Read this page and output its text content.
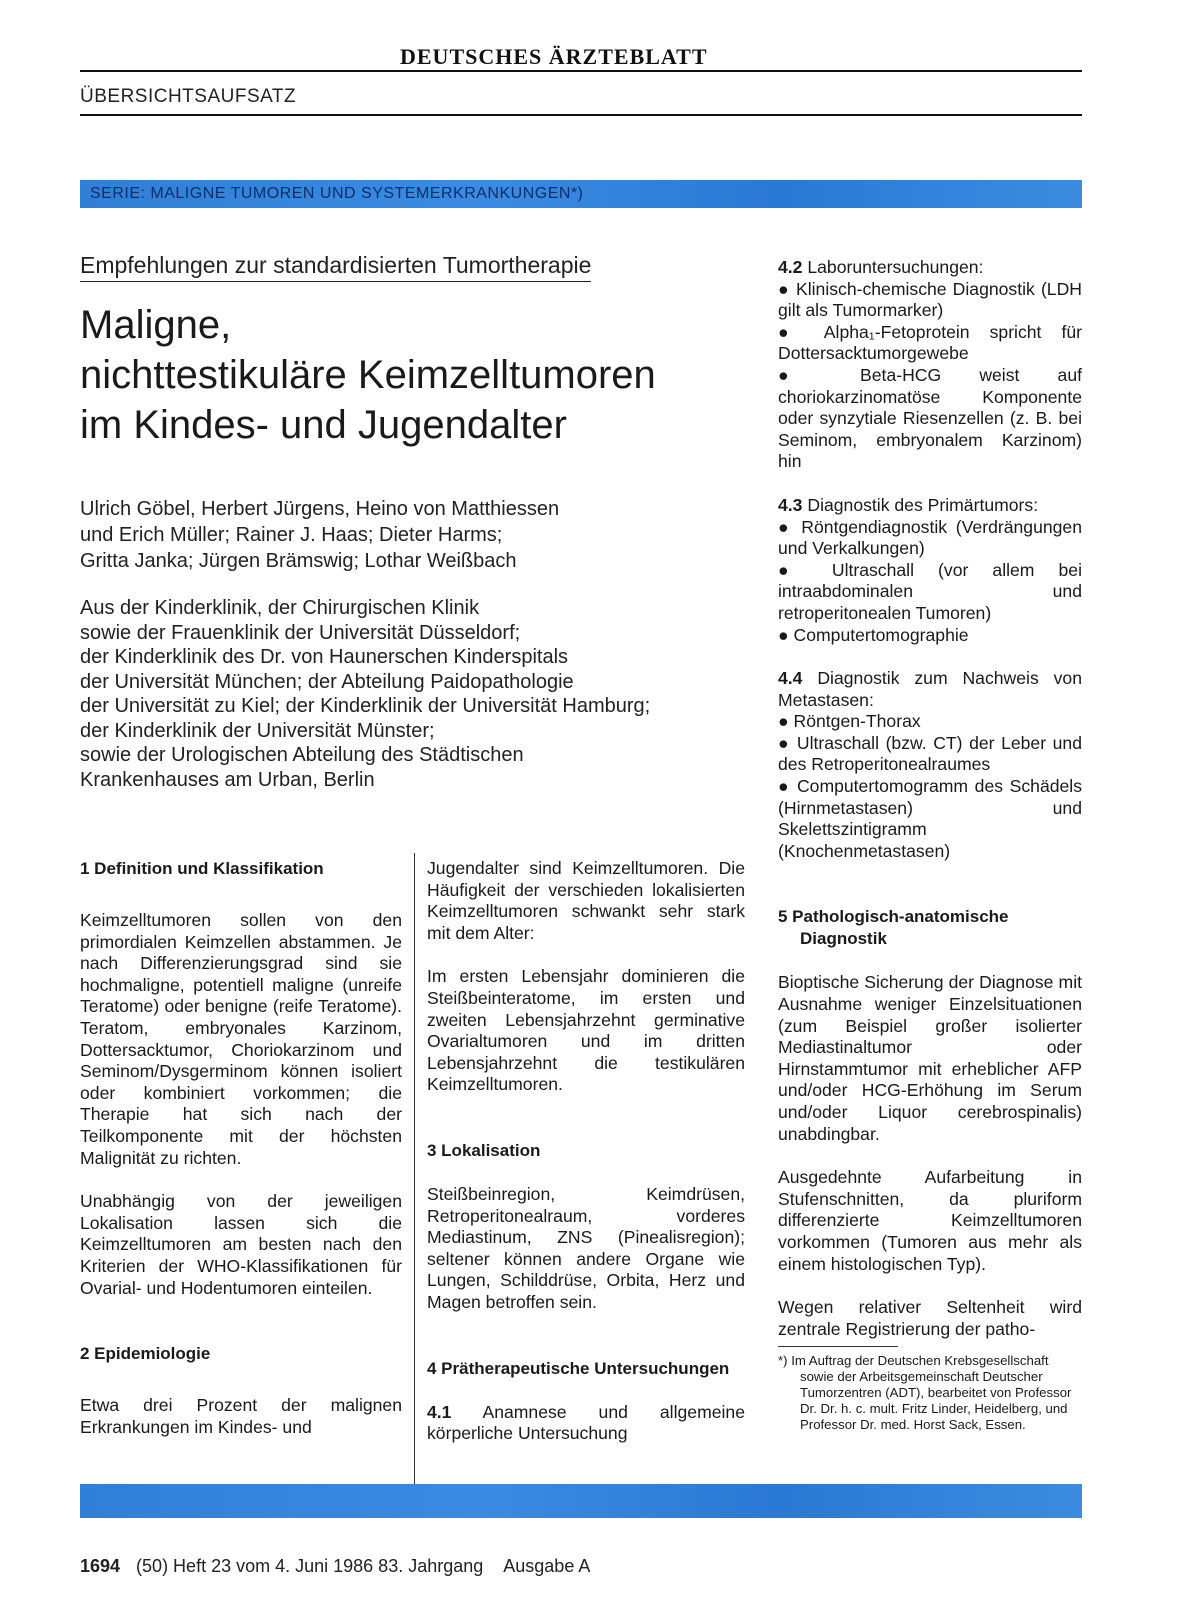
DEUTSCHES ÄRZTEBLATT
ÜBERSICHTSAUFSATZ
SERIE: MALIGNE TUMOREN UND SYSTEMERKRANKUNGEN*)
Empfehlungen zur standardisierten Tumortherapie
Maligne,
nichttestikuläre Keimzelltumoren
im Kindes- und Jugendalter
Ulrich Göbel, Herbert Jürgens, Heino von Matthiessen
und Erich Müller; Rainer J. Haas; Dieter Harms;
Gritta Janka; Jürgen Brämswig; Lothar Weißbach
Aus der Kinderklinik, der Chirurgischen Klinik
sowie der Frauenklinik der Universität Düsseldorf;
der Kinderklinik des Dr. von Haunerschen Kinderspitals
der Universität München; der Abteilung Paidopathologie
der Universität zu Kiel; der Kinderklinik der Universität Hamburg;
der Kinderklinik der Universität Münster;
sowie der Urologischen Abteilung des Städtischen
Krankenhauses am Urban, Berlin
1 Definition und Klassifikation

Keimzelltumoren sollen von den primordialen Keimzellen abstammen. Je nach Differenzierungsgrad sind sie hochmaligne, potentiell maligne (unreife Teratome) oder benigne (reife Teratome). Teratom, embryonales Karzinom, Dottersacktumor, Choriokarzinom und Seminom/Dysgerminom können isoliert oder kombiniert vorkommen; die Therapie hat sich nach der Teilkomponente mit der höchsten Malignität zu richten.

Unabhängig von der jeweiligen Lokalisation lassen sich die Keimzelltumoren am besten nach den Kriterien der WHO-Klassifikationen für Ovarial- und Hodentumoren einteilen.

2 Epidemiologie

Etwa drei Prozent der malignen Erkrankungen im Kindes- und

Jugendalter sind Keimzelltumoren. Die Häufigkeit der verschieden lokalisierten Keimzelltumoren schwankt sehr stark mit dem Alter:

Im ersten Lebensjahr dominieren die Steißbeinteratome, im ersten und zweiten Lebensjahrzehnt germinative Ovarialtumoren und im dritten Lebensjahrzehnt die testikulären Keimzelltumoren.

3 Lokalisation

Steißbeinregion, Keimdrüsen, Retroperitonealraum, vorderes Mediastinum, ZNS (Pinealisregion); seltener können andere Organe wie Lungen, Schilddrüse, Orbita, Herz und Magen betroffen sein.

4 Prätherapeutische Untersuchungen

4.1 Anamnese und allgemeine körperliche Untersuchung

4.2 Laboruntersuchungen:

● Klinisch-chemische Diagnostik (LDH gilt als Tumormarker)

● Alpha₁-Fetoprotein spricht für Dottersacktumorgewebe

● Beta-HCG weist auf choriokarzinomatöse Komponente oder synzytiale Riesenzellen (z. B. bei Seminom, embryonalem Karzinom) hin

4.3 Diagnostik des Primärtumors:

● Röntgendiagnostik (Verdrängungen und Verkalkungen)

● Ultraschall (vor allem bei intraabdominalen und retroperitonealen Tumoren)

● Computertomographie

4.4 Diagnostik zum Nachweis von Metastasen:

● Röntgen-Thorax

● Ultraschall (bzw. CT) der Leber und des Retroperitonealraumes

● Computertomogramm des Schädels (Hirnmetastasen) und Skelettszintigramm (Knochenmetastasen)

5 Pathologisch-anatomische Diagnostik

Bioptische Sicherung der Diagnose mit Ausnahme weniger Einzelsituationen (zum Beispiel großer isolierter Mediastinaltumor oder Hirnstammtumor mit erheblicher AFP und/oder HCG-Erhöhung im Serum und/oder Liquor cerebrospinalis) unabdingbar.

Ausgedehnte Aufarbeitung in Stufenschnitten, da pluriform differenzierte Keimzelltumoren vorkommen (Tumoren aus mehr als einem histologischen Typ).

Wegen relativer Seltenheit wird zentrale Registrierung der patho-

*) Im Auftrag der Deutschen Krebsgesellschaft sowie der Arbeitsgemeinschaft Deutscher Tumorzentren (ADT), bearbeitet von Professor Dr. Dr. h. c. mult. Fritz Linder, Heidelberg, und Professor Dr. med. Horst Sack, Essen.

1694 (50) Heft 23 vom 4. Juni 1986 83. Jahrgang Ausgabe A
